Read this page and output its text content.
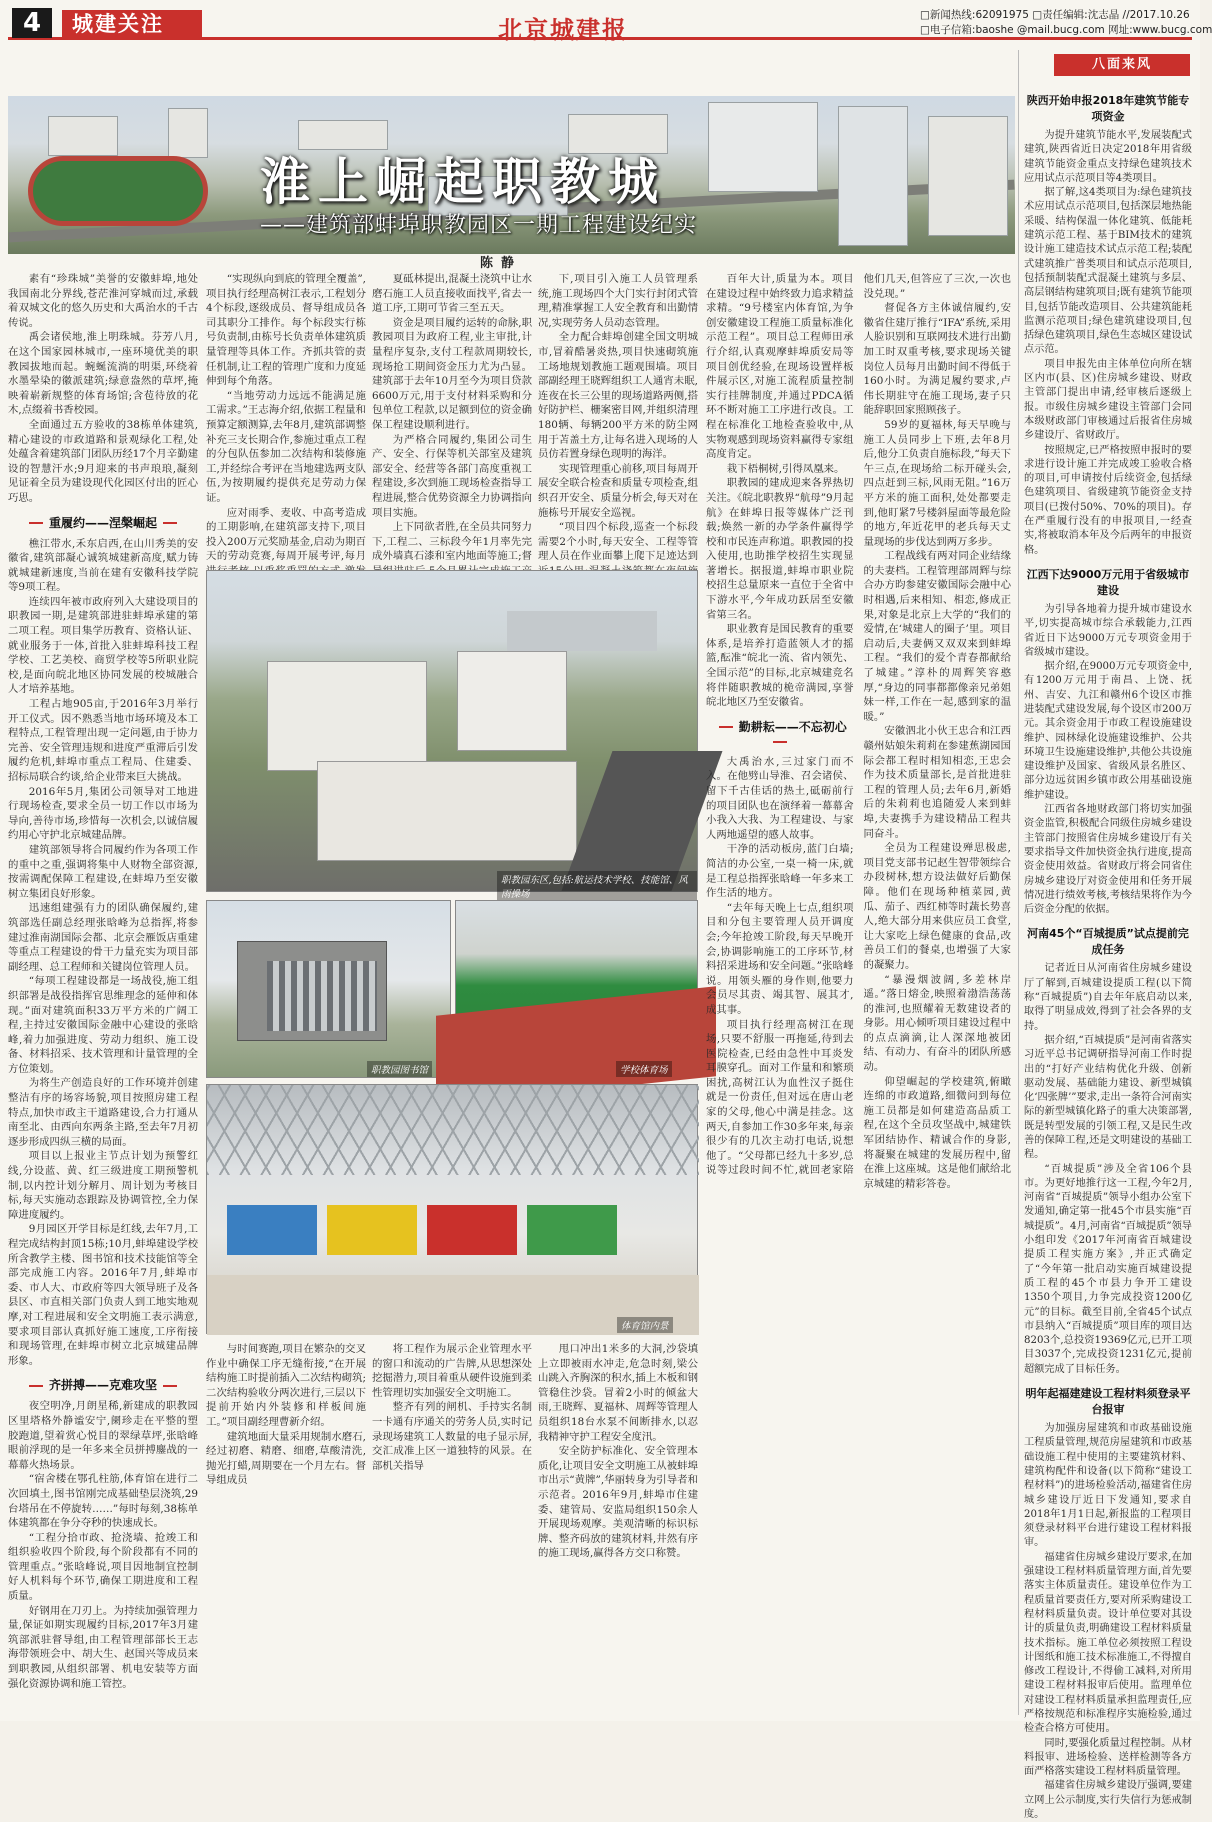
4	城建关注	北京城建报	□新闻热线:62091975 □责任编辑:沈志晶 //2017.10.26
□电子信箱:baoshe @mail.bucg.com 网址:www.bucg.com
淮上崛起职教城
——建筑部蚌埠职教园区一期工程建设纪实
陈静

素有“珍珠城”美誉的安徽蚌埠,地处我国南北分界线,苍茫淮河穿城而过,承载着双城文化的悠久历史和大禹治水的千古传说。

禹会诸侯地,淮上明珠城。芬芳八月,在这个国家园林城市,一座环境优美的职教园拔地而起。蜿蜒流淌的明渠,环绕着水墨晕染的徽派建筑;绿意盎然的草坪,掩映着崭新规整的体育场馆;含苞待放的花木,点缀着书香校园。

全面通过五方验收的38栋单体建筑,精心建设的市政道路和景观绿化工程,处处蕴含着建筑部门团队历经17个月辛勤建设的智慧汗水;9月迎来的书声琅琅,凝刻见证着全员为建设现代化园区付出的匠心巧思。

重履约——涅槃崛起

樵江带水,禾东启西,在山川秀美的安徽省,建筑部凝心诚筑城建新高度,赋力铸就城建新速度,当前在建有安徽科技学院等9项工程。

连续四年被市政府列入大建设项目的职教园一期,是建筑部进驻蚌埠承建的第二项工程。项目集学历教育、资格认证、就业服务于一体,首批入驻蚌埠科技工程学校、工艺美校、商贸学校等5所职业院校,是面向皖北地区协同发展的校城融合人才培养基地。

工程占地905亩,于2016年3月举行开工仪式。因不熟悉当地市场环境及本工程特点,工程管理出现一定问题,由于协力完善、安全管理违规和进度严重滞后引发履约危机,蚌埠市重点工程局、住建委、招标局联合约谈,给企业带来巨大挑战。

2016年5月,集团公司领导对工地进行现场检查,要求全员一切工作以市场为导向,善待市场,珍惜每一次机会,以诚信履约用心守护北京城建品牌。

建筑部领导将合同履约作为各项工作的重中之重,强调将集中人财物全部资源,按需调配保障工程建设,在蚌埠乃至安徽树立集团良好形象。

迅速组建强有力的团队确保履约,建筑部选任副总经理张晗峰为总指挥,将参建过淮南湖国际会都、北京会雁饭店重建等重点工程建设的骨干力量充实为项目部副经理、总工程师和关键岗位管理人员。

“每项工程建设都是一场战役,施工组织部署是战役指挥官思维理念的延伸和体现。”面对建筑面积33万平方米的广阔工程,主持过安徽国际金融中心建设的张晗峰,着力加强进度、劳动力组织、施工设备、材料招采、技术管理和计量管理的全方位策划。

为将生产创造良好的工作环境并创建整洁有序的场容场貌,项目按照房建工程特点,加快市政主干道路建设,合力打通从南至北、由西向东两条主路,至去年7月初逐步形成四纵三横的局面。

项目以上报业主节点计划为预警红线,分设蓝、黄、红三级进度工期预警机制,以内控计划分解月、周计划为考核目标,每天实施动态跟踪及协调管控,全力保障进度履约。

9月园区开学目标是红线,去年7月,工程完成结构封顶15栋;10月,蚌埠建设学校所含教学主楼、图书馆和技术技能馆等全部完成施工内容。2016年7月,蚌埠市委、市人大、市政府等四大领导班子及各县区、市直相关部门负责人到工地实地观摩,对工程进展和安全文明施工表示满意,要求项目部认真抓好施工速度,工序衔接和现场管理,在蚌埠市树立北京城建品牌形象。

齐拼搏——克难攻坚

夜空明净,月朗星稀,新建成的职教园区里塔格外静谧安宁,阑珍走在平整的塑胶跑道,望着赏心悦目的翠绿草坪,张晗峰眼前浮现的是一年多来全员拼搏鏖战的一幕幕火热场景。

“宿舍楼在鄂孔柱筋,体育馆在进行二次回填土,图书馆刚完成基础垫层浇筑,29台塔吊在不停旋转……”每时每刻,38栋单体建筑都在争分夺秒的快速成长。

“工程分拾市政、抢浇墙、抢竣工和组织验收四个阶段,每个阶段都有不同的管理重点。”张晗峰说,项目因地制宜控制好人机料每个环节,确保工期进度和工程质量。

好钢用在刀刃上。为持续加强管理力量,保证如期实现履约目标,2017年3月建筑部派驻督导组,由工程管理部部长王志海带领班会中、胡大生、赵国兴等成员来到职教园,从组织部署、机电安装等方面强化资源协调和施工管控。

“实现纵向到底的管理全覆盖”,项目执行经理高树江表示,工程划分4个标段,逐级成员、督导组成员各司其职分工排作。每个标段实行栋号负责制,由栋号长负责单体建筑质量管理等具体工作。齐抓共管的责任机制,让工程的管理广度和力度延伸到每个角落。

“当地劳动力远远不能满足施工需求。”王志海介绍,依据工程量和预算定额测算,去年8月,建筑部调整补充三支长期合作,参施过重点工程的分包队伍参加二次结构和装修施工,并经综合考评在当地建选两支队伍,为按期履约提供充足劳动力保证。

应对雨季、麦收、中高考造成的工期影响,在建筑部支持下,项目投入200万元奖励基金,启动为期百天的劳动竞赛,每周开展考评,每月

夏砥林提出,混凝土浇筑中让水磨石施工人员直接收面找平,省去一道工序,工期可节省三至五天。

资金是项目履约运转的命脉,职教园项目为政府工程,业主审批,计量程序复杂,支付工程款周期较长,现场抢工期间资金压力尤为凸显。建筑部于去年10月至今为项目贷款6600万元,用于支付材料采购和分包单位工程款,以足额到位的资金确保工程建设顺利进行。

为严格合同履约,集团公司生产、安全、行保等机关部室及建筑部安全、经营等各部门高度重视工程建设,多次到施工现场检查指导工程进展,整合优势资源全力协调指向项目实施。

上下同欲者胜,在全员共同努力下,工程二、三标段今年1月率先完成外墙真石漆和室内地面等施工;督

下,项目引入施工人员管理系统,施工现场四个大门实行封闭式管理,精准掌握工人安全教育和出勤情况,实现劳务人员动态管理。

全力配合蚌埠创建全国文明城市,冒着酷暑炎热,项目快速砌筑施工场地规划教施工题观围墙。项目部副经理王晓辉组织工人通宵未眠,连夜在长三公里的现场道路两侧,搭好防护栏、栅案密目网,并组织清理180辆、每辆200平方米的防尘网用于苫盖土方,让每名进入现场的人员仿若置身绿色现明的海洋。

实现管理重心前移,项目每周开展安全联合检查和质量专项检查,组织召开安全、质量分析会,每天对在施栋号开展安全巡视。

“项目四个标段,巡查一个标段需要2个小时,每天安全、工程等管理人员在作业面攀上爬下足迹达到

职教园东区,包括:航运技术学校、技能馆、风雨操场
职教园图书馆	学校体育场
体育馆内景

与时间赛跑,项目在繁杂的交叉作业中确保工序无缝衔接,“在开展结构施工时提前插入二次结构砌筑;二次结构验收分两次进行,三层以下提前开始内外装修和样板间施工。”项目副经理曹新介绍。

建筑地面大量采用规制水磨石,经过初磨、精磨、细磨,草酸清洗,抛光打蜡,周期要在一个月左右。督导组成员

将工程作为展示企业管理水平的窗口和流动的广告牌,从思想深处挖掘潜力,项目着重从硬件设施到柔性管理切实加强安全文明施工。

整齐有列的闸机、手持实名制一卡通有序通关的劳务人员,实时记录现场建筑工人数量的电子显示屏,交汇成准上区一道独特的风景。在部机关指导

甩口冲出1米多的大洞,沙袋填上立即被雨水冲走,危急时刻,梁公山跳入齐胸深的积水,插上木板和钢管稳住沙袋。冒着2小时的倾盆大雨,王晓辉、夏福林、周辉等管理人员组织18台水泵不间断排水,以忍我精神守护工程安全度汛。

安全防护标准化、安全管理本质化,让项目安全文明施工从被蚌埠市出示“黄牌”,华丽转身为引导者和示范者。2016年9月,蚌埠市住建委、建管局、安监局组织150余人开展现场观摩。美观清晰的标识标牌、整齐码放的建筑材料,井然有序的施工现场,赢得各方交口称赞。

百年大计,质量为本。项目在建设过程中始终致力追求精益求精。“9号楼室内体育馆,为争创安徽建设工程施工质量标准化示范工程”。项目总工程师田承行介绍,认真观摩蚌埠质安局等项目创优经验,在现场设置样板件展示区,对施工流程质量控制实行挂牌制度,并通过PDCA循环不断对施工工序进行改良。工程在标准化工地检查验收中,从实物观感到现场资料赢得专家组高度肯定。

栽下梧桐树,引得凤凰来。

职教园的建成迎来各界热切关注。《皖北职教界“航母”9月起航》在蚌埠日报等媒体广泛刊载;焕然一新的办学条件赢得学校和市民连声称道。职教园的投入使用,也助推学校招生实现显著增长。据报道,蚌埠市职业院校招生总量原来一直位于全省中下游水平,今年成功跃居至安徽省第三名。

职业教育是国民教育的重要体系,是培养打造蓝领人才的摇篮,酝准“皖北一流、省内领先、全国示范”的目标,北京城建竞名将伴随职教城的桅帝满园,享誉皖北地区乃至安徽省。

勤耕耘——不忘初心

大禹治水,三过家门而不入。在他劈山导淮、召会诸侯、留下千古佳话的热土,砥砺前行的项目团队也在演绎着一幕幕舍小我入大我、为工程建设、与家人两地遥望的感人故事。

干净的活动板房,蓝门白墙;简洁的办公室,一桌一椅一床,就是工程总指挥张晗峰一年多来工作生活的地方。

“去年每天晚上七点,组织项目和分包主要管理人员开调度会;今年抢竣工阶段,每天早晚开会,协调影响施工的工序环节,材料招采进场和安全问题。”张晗峰说。用领头雁的身作则,他要力会员尽其责、竭其智、展其才,成其事。

项目执行经理高树江在现场,只要不舒服一再拖延,待到去医院检查,已经由急性中耳炎发耳膜穿孔。面对工作量和和繁琐困扰,高树江认为血性汉子挺住就是一份责任,但对远在唐山老家的父母,他心中满是挂念。这两天,自参加工作30多年来,每亲很少有的几次主动打电话,说想他了。“父母都已经九十多岁,总说等过段时间不忙,就回老家陪他们几天,但答应了三次,一次也没兑现。”

督促各方主体诚信履约,安徽省住建厅推行“IFA”系统,采用人脸识别和互联网技术进行出勤加工时双重考核,要求现场关键岗位人员每月出勤时间不得低于160小时。为满足履约要求,卢伟长期驻守在施工现场,妻子只能辞职回家照顾孩子。

59岁的夏福林,每天早晚与施工人员同步上下班,去年8月后,他分工负责自施标段,“每天下午三点,在现场给二标开碰头会,四点赶到三标,风雨无阻。”16万平方米的施工面积,处处都要走到,他盯紧7号楼斜屋面等最危险的地方,年近花甲的老兵每天丈量现场的步伐达到两万多步。

工程战线有两对同企业结缘的夫妻档。工程管理部周辉与综合办方昀参建安徽国际会融中心时相遇,后来相知、相恋,修成正果,对象是北京上大学的“我们的爱情,在‘城建人的圈子’里。项目启动后,夫妻俩又双双来到蚌埠工程。“我们的爱个青春都献给了城建。”淳朴的周辉笑容憨厚,“身边的同事都都像亲兄弟姐妹一样,工作在一起,感到家的温暖。”

安徽泗北小伙王忠合和江西赣州姑娘朱莉莉在参建蕉湖园国际会都工程时相知相恋,王忠会作为技术质量部长,是首批进驻工程的管理人员;去年6月,新婚后的朱莉莉也追随爱人来到蚌埠,夫妻携手为建设精品工程共同奋斗。

全员为工程建设殚思极虑,项目党支部书记赵生智带领综合办段树林,想方设法做好后勤保障。他们在现场种植菜园,黄瓜、茄子、西红柿等时蔬长势喜人,绝大部分用来供应员工食堂,让大家吃上绿色健康的食品,改善员工们的餐桌,也增强了大家的凝聚力。

“暴漫烟波阔,多差林岸遥。”落日熔金,映照着渤浩荡荡的淮河,也照耀着无数建设者的身影。用心倾听项目建设过程中的点点滴滴,让人深深地被团结、有动力、有奋斗的团队所感动。

仰望崛起的学校建筑,俯瞰连绵的市政道路,细微问到每位施工员都是如何建造高品质工程,在这个全员攻坚战中,城建铁军团结协作、精诚合作的身影,将凝聚在城建的发展历程中,留在淮上这座城。这是他们献给北京城建的精彩答卷。

八面来风
陕西开始申报2018年建筑节能专项资金

为提升建筑节能水平,发展装配式建筑,陕西省近日决定2018年用省级建筑节能资金重点支持绿色建筑技术应用试点示范项目等4类项目。

据了解,这4类项目为:绿色建筑技术应用试点示范项目,包括深层地热能采暖、结构保温一体化建筑、低能耗建筑示范工程、基于BIM技术的建筑设计施工建造技术试点示范工程;装配式建筑推广普类项目和试点示范项目,包括预制装配式混凝土建筑与多层、高层钢结构建筑项目;既有建筑节能项目,包括节能改造项目、公共建筑能耗监测示范项目;绿色建筑建设项目,包括绿色建筑项目,绿色生态城区建设试点示范。

项目申报先由主体单位向所在辖区内市(县、区)住房城乡建设、财政主管部门提出申请,经审核后逐级上报。市级住房城乡建设主管部门会同本级财政部门审核通过后报省住房城乡建设厅、省财政厅。

按照规定,已严格按照申报时的要求进行设计施工并完成竣工验收合格的项目,可申请按付后续资金,包括绿色建筑项目、省级建筑节能资金支持项目(已拨付50%、70%的项目)。存在严重履行没有的申报项目,一经查实,将被取消本年及今后两年的申报资格。

江西下达9000万元用于省级城市建设

为引导各地着力提升城市建设水平,切实提高城市综合承载能力,江西省近日下达9000万元专项资金用于省级城市建设。

据介绍,在9000万元专项资金中,有1200万元用于南昌、上饶、抚州、吉安、九江和赣州6个设区市推进装配式建设发展,每个设区市200万元。其余资金用于市政工程设施建设维护、园林绿化设施建设维护、公共环境卫生设施建设维护,共他公共设施建设维护及国家、省级风景名胜区、部分边远贫困乡镇市政公用基础设施维护建设。

江西省各地财政部门将切实加强资金监管,积极配合同级住房城乡建设主管部门按照省住房城乡建设厅有关要求指导文件加快资金执行进度,提高资金使用效益。省财政厅将会同省住房城乡建设厅对资金使用和任务开展情况进行绩效考核,考核结果将作为今后资金分配的依据。

河南45个“百城提质”试点提前完成任务

记者近日从河南省住房城乡建设厅了解到,百城建设提质工程(以下简称“百城提质”)自去年年底启动以来,取得了明显成效,得到了社会各界的支持。

据介绍,“百城提质”是河南省落实习近平总书记调研指导河南工作时提出的“打好产业结构优化升级、创新驱动发展、基础能力建设、新型城镇化‘四张牌’”要求,走出一条符合河南实际的新型城镇化路子的重大决策部署,既是转型发展的引领工程,又是民生改善的保障工程,还是文明建设的基础工程。

“百城提质”涉及全省106个县市。为更好地推行这一工程,今年2月,河南省“百城提质”领导小组办公室下发通知,确定第一批45个市县实施“百城提质”。4月,河南省“百城提质”领导小组印发《2017年河南省百城建设提质工程实施方案》,并正式确定了“今年第一批启动实施百城建设提质工程的45个市县力争开工建设1350个项目,力争完成投资1200亿元”的目标。截至目前,全省45个试点市县纳入“百城提质”项目库的项目达8203个,总投资19369亿元,已开工项目3037个,完成投资1231亿元,提前超额完成了目标任务。

明年起福建建设工程材料须登录平台报审

为加强房屋建筑和市政基础设施工程质量管理,规范房屋建筑和市政基础设施工程中使用的主要建筑材料、建筑构配件和设备(以下简称“建设工程材料”)的进场检验活动,福建省住房城乡建设厅近日下发通知,要求自2018年1月1日起,新报监的工程项目须登录材料平台进行建设工程材料报审。

福建省住房城乡建设厅要求,在加强建设工程材料质量管理方面,首先要落实主体质量责任。建设单位作为工程质量首要责任方,要对所采购建设工程材料质量负责。设计单位要对其设计的质量负责,明确建设工程材料质量技术指标。施工单位必须按照工程设计图纸和施工技术标准施工,不得擅自修改工程设计,不得偷工减料,对所用建设工程材料报审后使用。监理单位对建设工程材料质量承担监理责任,应严格按规范和标准程序实施检验,通过检查合格方可使用。

同时,要强化质量过程控制。从材料报审、进场检验、送样检测等各方面严格落实建设工程材料质量管理。

福建省住房城乡建设厅强调,要建立网上公示制度,实行失信行为惩戒制度。
